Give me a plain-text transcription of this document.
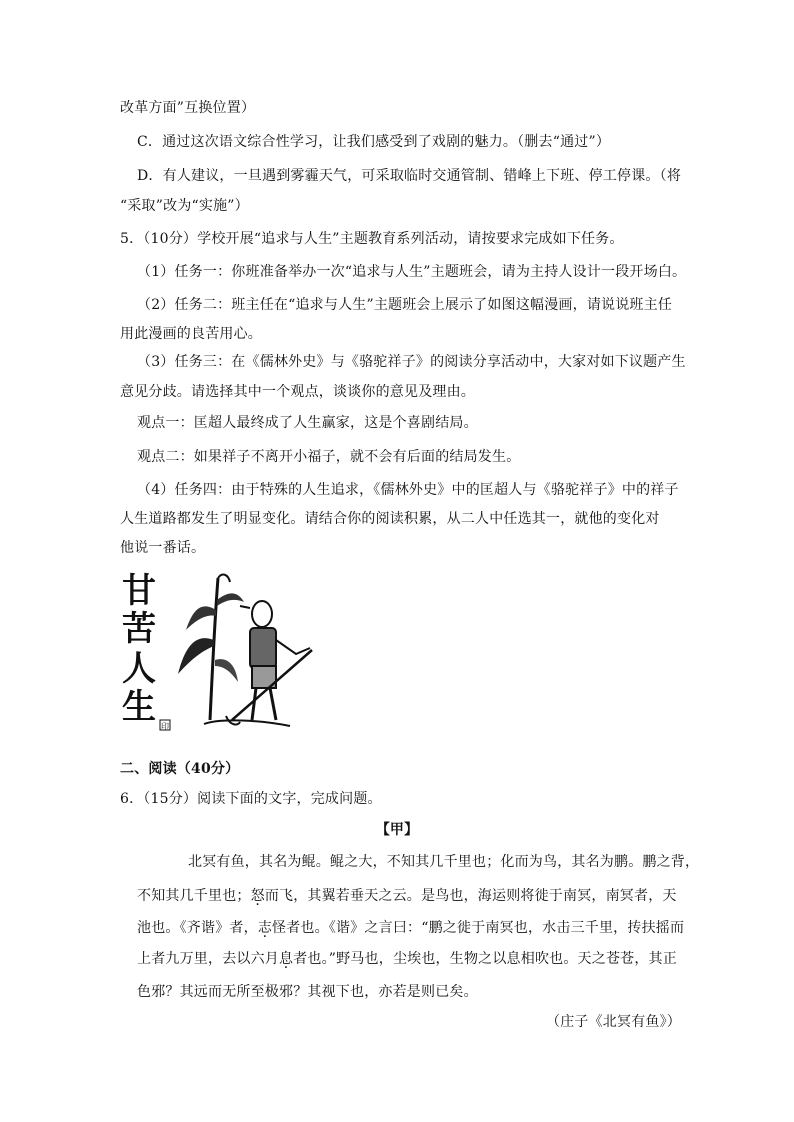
改革方面”互换位置）
C．通过这次语文综合性学习，让我们感受到了戏剧的魅力。（删去“通过”）
D．有人建议，一旦遇到雾霾天气，可采取临时交通管制、错峰上下班、停工停课。（将
“采取”改为“实施”）
5．（10分）学校开展“追求与人生”主题教育系列活动，请按要求完成如下任务。
（1）任务一：你班准备举办一次“追求与人生”主题班会，请为主持人设计一段开场白。
（2）任务二：班主任在“追求与人生”主题班会上展示了如图这幅漫画，请说说班主任
用此漫画的良苦用心。
（3）任务三：在《儒林外史》与《骆驼祥子》的阅读分享活动中，大家对如下议题产生
意见分歧。请选择其中一个观点，谈谈你的意见及理由。
观点一：匡超人最终成了人生赢家，这是个喜剧结局。
观点二：如果祥子不离开小福子，就不会有后面的结局发生。
（4）任务四：由于特殊的人生追求，《儒林外史》中的匡超人与《骆驼祥子》中的祥子
人生道路都发生了明显变化。请结合你的阅读积累，从二人中任选其一，就他的变化对
他说一番话。
甘
苦
人
生 印
二、阅读（40分）
6．（15分）阅读下面的文字，完成问题。
【甲】
北冥有鱼，其名为鲲。鲲之大，不知其几千里也；化而为鸟，其名为鹏。鹏之背，
不知其几千里也；怒而飞，其翼若垂天之云。是鸟也，海运则将徙于南冥，南冥者，天
池也。《齐谐》者，志怪者也。《谐》之言曰：“鹏之徙于南冥也，水击三千里，抟扶摇而
上者九万里，去以六月息者也。”野马也，尘埃也，生物之以息相吹也。天之苍苍，其正
色邪？其远而无所至极邪？其视下也，亦若是则已矣。
（庄子《北冥有鱼》）
